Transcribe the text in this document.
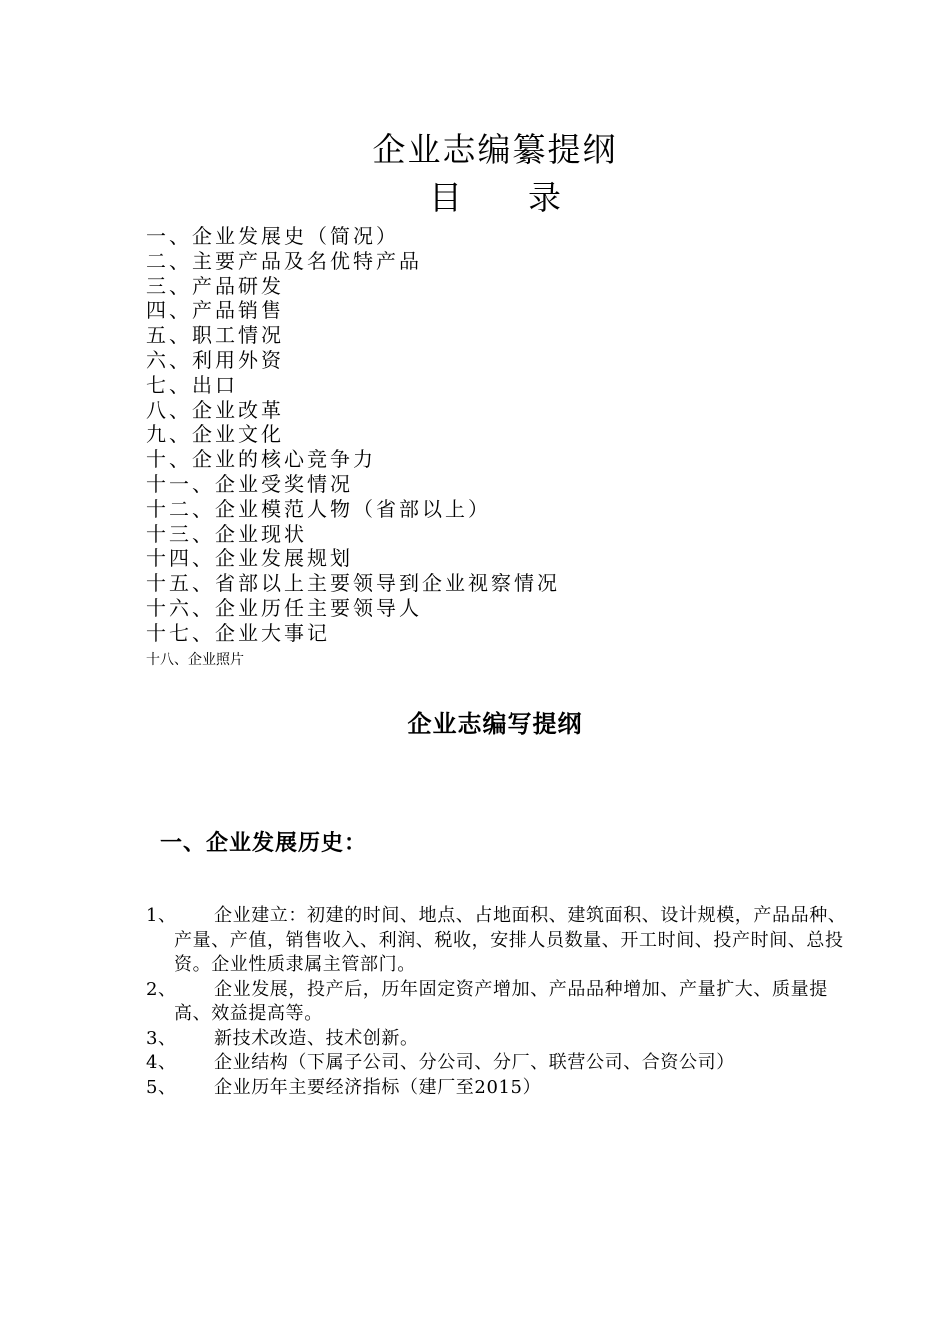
企业志编纂提纲
目 录
一、企业发展史（简况）
二、主要产品及名优特产品
三、产品研发
四、产品销售
五、职工情况
六、利用外资
七、出口
八、企业改革
九、企业文化
十、企业的核心竞争力
十一、企业受奖情况
十二、企业模范人物（省部以上）
十三、企业现状
十四、企业发展规划
十五、省部以上主要领导到企业视察情况
十六、企业历任主要领导人
十七、企业大事记
十八、企业照片
企业志编写提纲
一、企业发展历史：
1、	企业建立：初建的时间、地点、占地面积、建筑面积、设计规模，产品品种、产量、产值，销售收入、利润、税收，安排人员数量、开工时间、投产时间、总投资。企业性质隶属主管部门。
2、	企业发展，投产后，历年固定资产增加、产品品种增加、产量扩大、质量提高、效益提高等。
3、	新技术改造、技术创新。
4、	企业结构（下属子公司、分公司、分厂、联营公司、合资公司）
5、	企业历年主要经济指标（建厂至2015）
